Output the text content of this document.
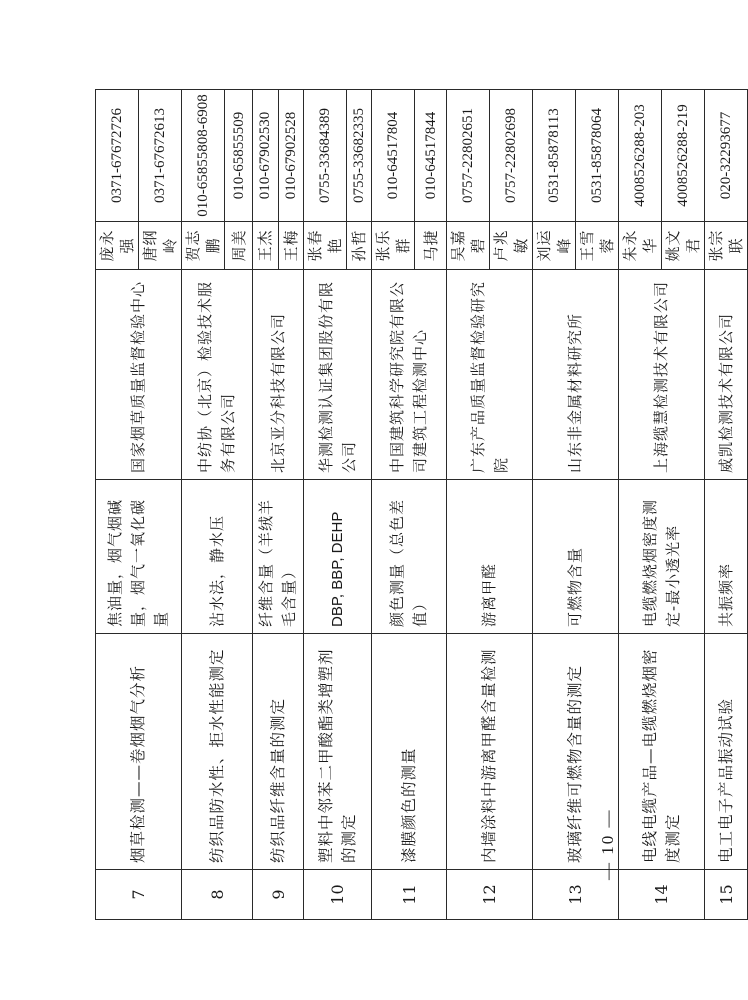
7	烟草检测——卷烟烟气分析	焦油量，烟气烟碱量，烟气一氧化碳量	国家烟草质量监督检验中心	庞永强	0371-67672726
				唐纲岭	0371-67672613
8	纺织品防水性、拒水性能测定	沾水法，静水压	中纺协（北京）检验技术服务有限公司	贺志鹏	010-65855808-6908
				周美	010-65855509
9	纺织品纤维含量的测定	纤维含量（羊绒羊毛含量）	北京亚分科技有限公司	王杰	010-67902530
				王梅	010-67902528
10	塑料中邻苯二甲酸酯类增塑剂的测定	DBP, BBP, DEHP	华测检测认证集团股份有限公司	张春艳	0755-33684389
				孙哲	0755-33682335
11	漆膜颜色的测量	颜色测量（总色差值）	中国建筑科学研究院有限公司建筑工程检测中心	张乐群	010-64517804
				马捷	010-64517844
12	内墙涂料中游离甲醛含量检测	游离甲醛	广东产品质量监督检验研究院	吴嘉碧	0757-22802651
				卢兆敏	0757-22802698
13	玻璃纤维可燃物含量的测定	可燃物含量	山东非金属材料研究所	刘运峰	0531-85878113
				王雪蓉	0531-85878064
14	电线电缆产品—电缆燃烧烟密度测定	电缆燃烧烟密度测定-最小透光率	上海缆慧检测技术有限公司	朱永华	4008526288-203
				姚文君	4008526288-219
15	电工电子产品振动试验	共振频率	威凯检测技术有限公司	张宗联	020-32293677
— 10 —
